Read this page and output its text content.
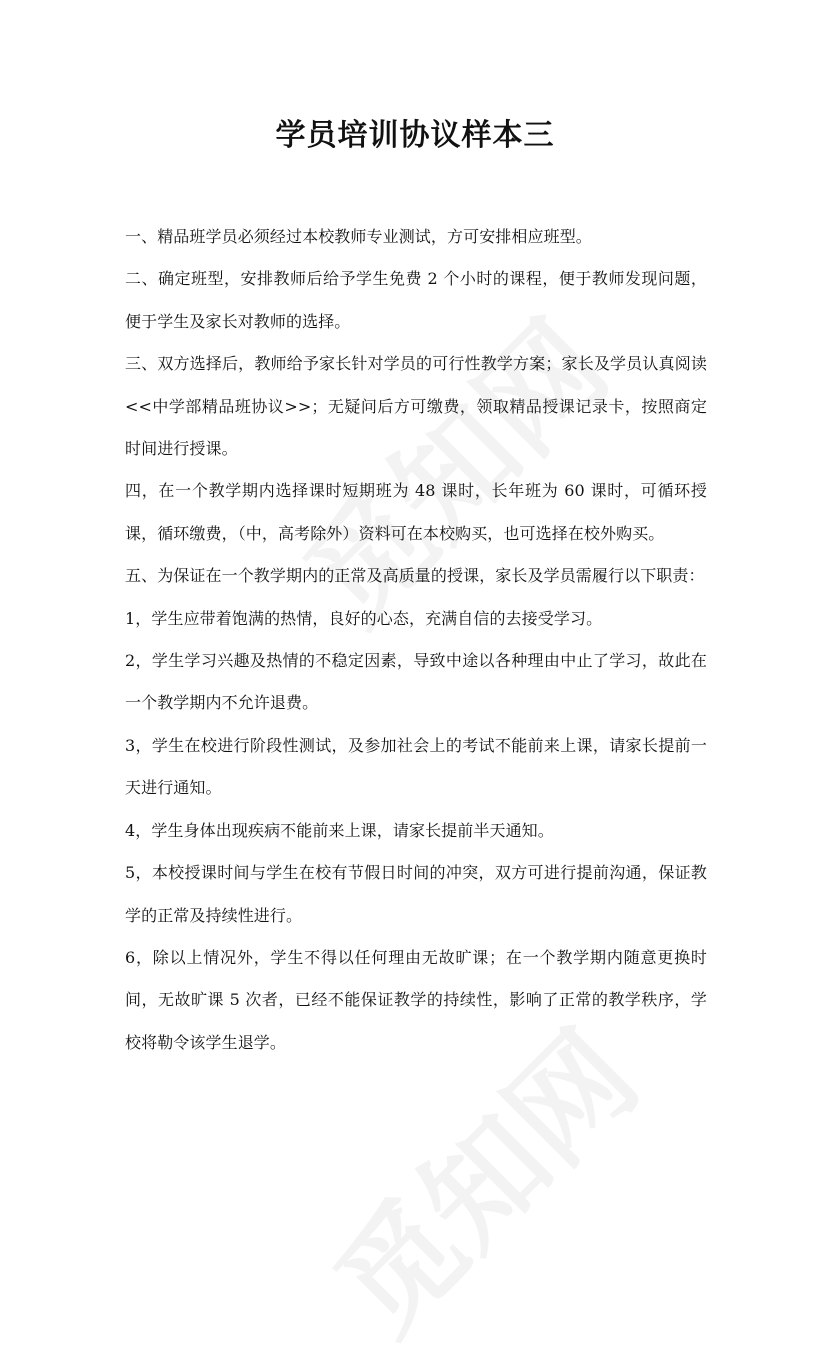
学员培训协议样本三

一、精品班学员必须经过本校教师专业测试，方可安排相应班型。

二、确定班型，安排教师后给予学生免费 2 个小时的课程，便于教师发现问题，便于学生及家长对教师的选择。

三、双方选择后，教师给予家长针对学员的可行性教学方案；家长及学员认真阅读<<中学部精品班协议>>；无疑问后方可缴费，领取精品授课记录卡，按照商定时间进行授课。

四，在一个教学期内选择课时短期班为 48 课时，长年班为 60 课时，可循环授课，循环缴费，（中，高考除外）资料可在本校购买，也可选择在校外购买。

五、为保证在一个教学期内的正常及高质量的授课，家长及学员需履行以下职责：

1，学生应带着饱满的热情，良好的心态，充满自信的去接受学习。

2，学生学习兴趣及热情的不稳定因素，导致中途以各种理由中止了学习，故此在一个教学期内不允许退费。

3，学生在校进行阶段性测试，及参加社会上的考试不能前来上课，请家长提前一天进行通知。

4，学生身体出现疾病不能前来上课，请家长提前半天通知。

5，本校授课时间与学生在校有节假日时间的冲突，双方可进行提前沟通，保证教学的正常及持续性进行。

6，除以上情况外，学生不得以任何理由无故旷课；在一个教学期内随意更换时间，无故旷课 5 次者，已经不能保证教学的持续性，影响了正常的教学秩序，学校将勒令该学生退学。
